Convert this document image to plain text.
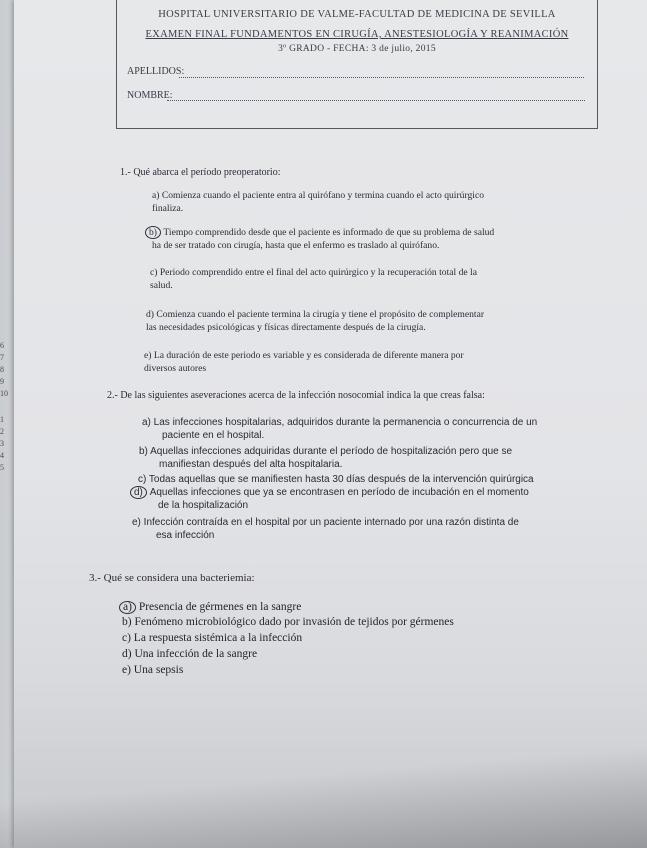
6
7
8
9
10
1
2
3
4
5
HOSPITAL UNIVERSITARIO DE VALME-FACULTAD DE MEDICINA DE SEVILLA
EXAMEN FINAL FUNDAMENTOS EN CIRUGÍA, ANESTESIOLOGÍA Y REANIMACIÓN
3º GRADO - FECHA: 3 de julio, 2015
APELLIDOS:
NOMBRE:
1.- Qué abarca el período preoperatorio:
a) Comienza cuando el paciente entra al quirófano y termina cuando el acto quirúrgico
finaliza.
b) Tiempo comprendido desde que el paciente es informado de que su problema de salud
ha de ser tratado con cirugía, hasta que el enfermo es traslado al quirófano.
c) Periodo comprendido entre el final del acto quirúrgico y la recuperación total de la
salud.
d) Comienza cuando el paciente termina la cirugía y tiene el propósito de complementar
las necesidades psicológicas y físicas directamente después de la cirugía.
e) La duración de este periodo es variable y es considerada de diferente manera por
diversos autores
2.- De las siguientes aseveraciones acerca de la infección nosocomial indica la que creas falsa:
a) Las infecciones hospitalarias, adquiridos durante la permanencia o concurrencia de un
paciente en el hospital.
b) Aquellas infecciones adquiridas durante el período de hospitalización pero que se
manifiestan después del alta hospitalaria.
c) Todas aquellas que se manifiesten hasta 30 días después de la intervención quirúrgica
d) Aquellas infecciones que ya se encontrasen en período de incubación en el momento
de la hospitalización
e) Infección contraída en el hospital por un paciente internado por una razón distinta de
esa infección
3.- Qué se considera una bacteriemia:
a) Presencia de gérmenes en la sangre
b) Fenómeno microbiológico dado por invasión de tejidos por gérmenes
c) La respuesta sistémica a la infección
d) Una infección de la sangre
e) Una sepsis
